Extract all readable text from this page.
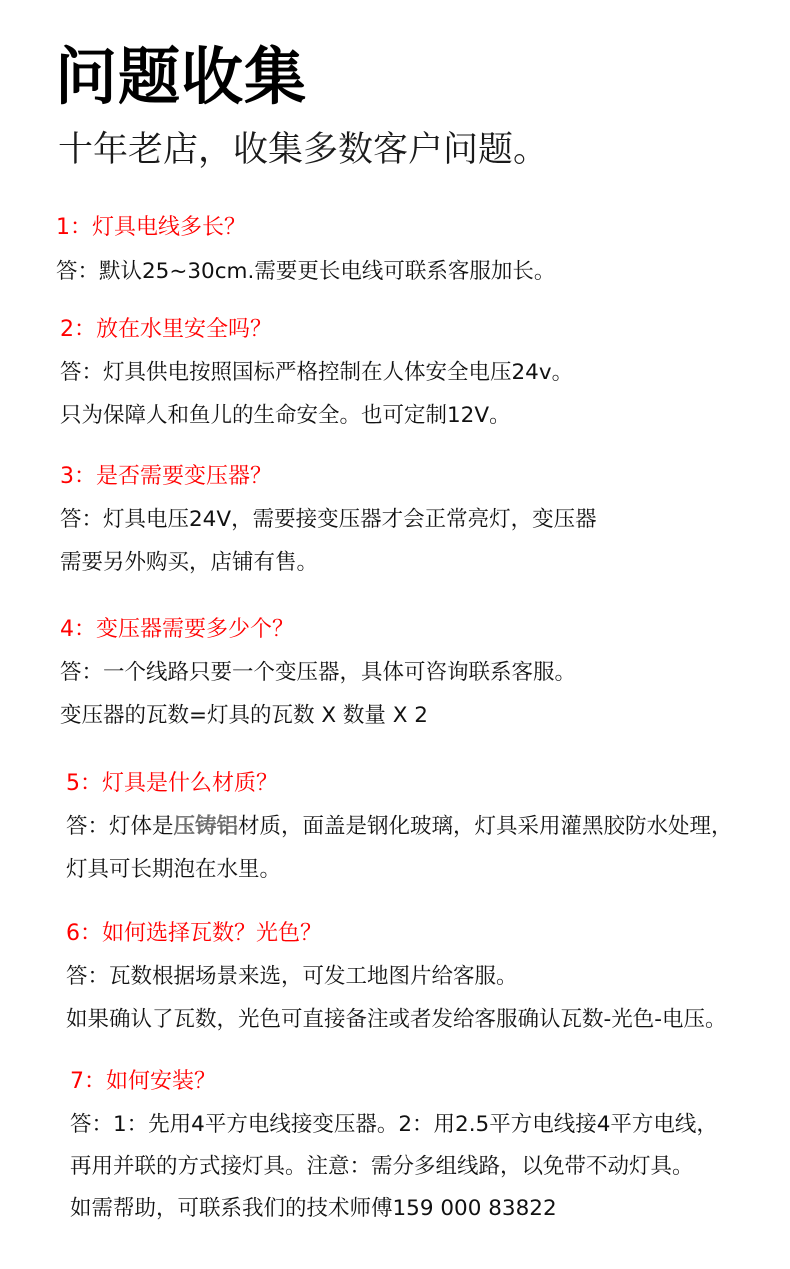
问题收集
十年老店，收集多数客户问题。

1：灯具电线多长？

答：默认25~30cm.需要更长电线可联系客服加长。

2：放在水里安全吗？

答：灯具供电按照国标严格控制在人体安全电压24v。

只为保障人和鱼儿的生命安全。也可定制12V。

3：是否需要变压器？

答：灯具电压24V，需要接变压器才会正常亮灯，变压器

需要另外购买，店铺有售。

4：变压器需要多少个？

答：一个线路只要一个变压器，具体可咨询联系客服。

变压器的瓦数=灯具的瓦数 X 数量 X 2

5：灯具是什么材质？

答：灯体是压铸铝材质，面盖是钢化玻璃，灯具采用灌黑胶防水处理，

灯具可长期泡在水里。

6：如何选择瓦数？光色？

答：瓦数根据场景来选，可发工地图片给客服。

如果确认了瓦数，光色可直接备注或者发给客服确认瓦数-光色-电压。

7：如何安装？

答：1：先用4平方电线接变压器。2：用2.5平方电线接4平方电线，

再用并联的方式接灯具。注意：需分多组线路，以免带不动灯具。

如需帮助，可联系我们的技术师傅159 000 83822
